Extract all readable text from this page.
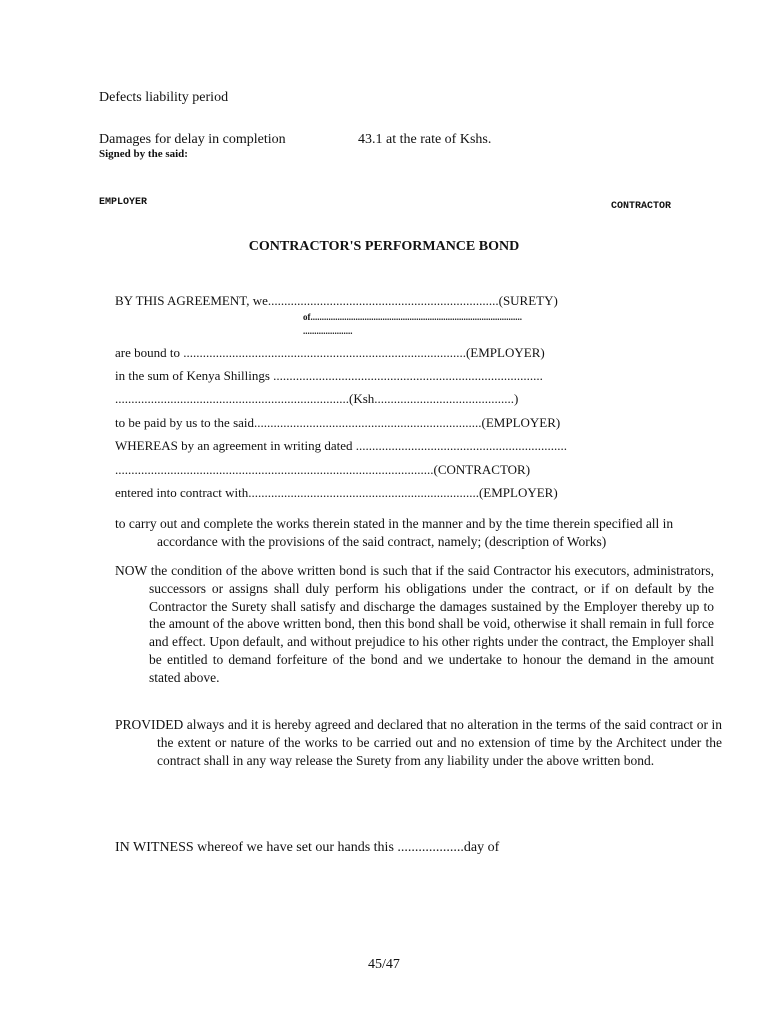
Defects liability period

Damages for delay in completion	43.1 at the rate of Kshs.

Signed by the said:

EMPLOYER	CONTRACTOR

CONTRACTOR'S PERFORMANCE BOND

BY THIS AGREEMENT, we.......................................................................(SURETY)

of..............................................................................................

......................

are bound to .......................................................................................(EMPLOYER)

in the sum of Kenya Shillings ...................................................................................

........................................................................(Ksh...........................................)

to be paid by us to the said......................................................................(EMPLOYER)

WHEREAS by an agreement in writing dated .................................................................

..................................................................................................(CONTRACTOR)

entered into contract with.......................................................................(EMPLOYER)

to carry out and complete the works therein stated in the manner and by the time therein specified all in accordance with the provisions of the said contract, namely; (description of Works)

NOW the condition of the above written bond is such that if the said Contractor his executors, administrators, successors or assigns shall duly perform his obligations under the contract, or if on default by the Contractor the Surety shall satisfy and discharge the damages sustained by the Employer thereby up to the amount of the above written bond, then this bond shall be void, otherwise it shall remain in full force and effect. Upon default, and without prejudice to his other rights under the contract, the Employer shall be entitled to demand forfeiture of the bond and we undertake to honour the demand in the amount stated above.

PROVIDED always and it is hereby agreed and declared that no alteration in the terms of the said contract or in the extent or nature of the works to be carried out and no extension of time by the Architect under the contract shall in any way release the Surety from any liability under the above written bond.

IN WITNESS whereof we have set our hands this ...................day of

45/47
